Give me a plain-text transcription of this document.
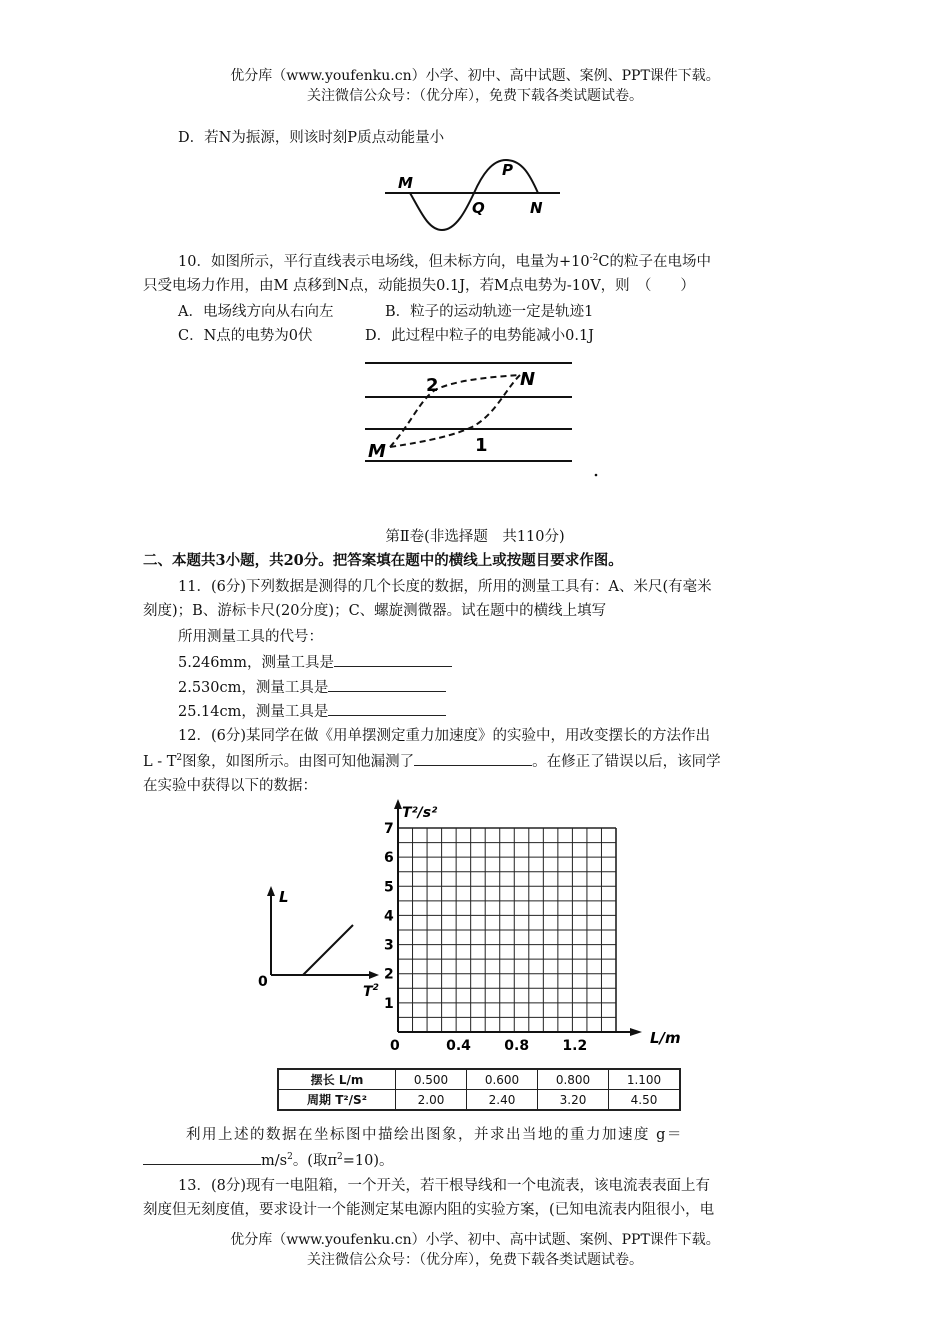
优分库（www.youfenku.cn）小学、初中、高中试题、案例、PPT课件下载。
关注微信公众号：（优分库），免费下载各类试题试卷。
D．若N为振源，则该时刻P质点动能量小
M
P
Q	N
10．如图所示，平行直线表示电场线，但未标方向，电量为$+10^{-2}C$的粒子在电场中
只受电场力作用，由M 点移到N点，动能损失0.1J，若M点电势为-10V，则　（　　）
A．电场线方向从右向左	B．粒子的运动轨迹一定是轨迹1
C．N点的电势为0伏	D．此过程中粒子的电势能减小0.1J
2	N
M	1
第Ⅱ卷(非选择题　共110分)
二、本题共3小题，共20分。把答案填在题中的横线上或按题目要求作图。
11．(6分)下列数据是测得的几个长度的数据，所用的测量工具有：A、米尺(有毫米
刻度)；B、游标卡尺(20分度)；C、螺旋测微器。试在题中的横线上填写
所用测量工具的代号：
5.246mm，测量工具是
2.530cm，测量工具是
25.14cm，测量工具是
12．(6分)某同学在做《用单摆测定重力加速度》的实验中，用改变摆长的方法作出
L - $T^2$图象，如图所示。由图可知他漏测了	。在修正了错误以后，该同学
在实验中获得以下的数据：
L
0
$T^2$
T²/s²
L/m
0
1
2
3
4
5
6
7
0.4 0.8 1.2
摆长 L/m	0.500	0.600	0.800	1.100
周期 T²/S²	2.00	2.40	3.20	4.50
利用上述的数据在坐标图中描绘出图象，并求出当地的重力加速度 g＝
$m/s^2$。(取$\pi^2=10$)。
13．(8分)现有一电阻箱，一个开关，若干根导线和一个电流表，该电流表表面上有
刻度但无刻度值，要求设计一个能测定某电源内阻的实验方案，(已知电流表内阻很小，电
优分库（www.youfenku.cn）小学、初中、高中试题、案例、PPT课件下载。
关注微信公众号：（优分库），免费下载各类试题试卷。
